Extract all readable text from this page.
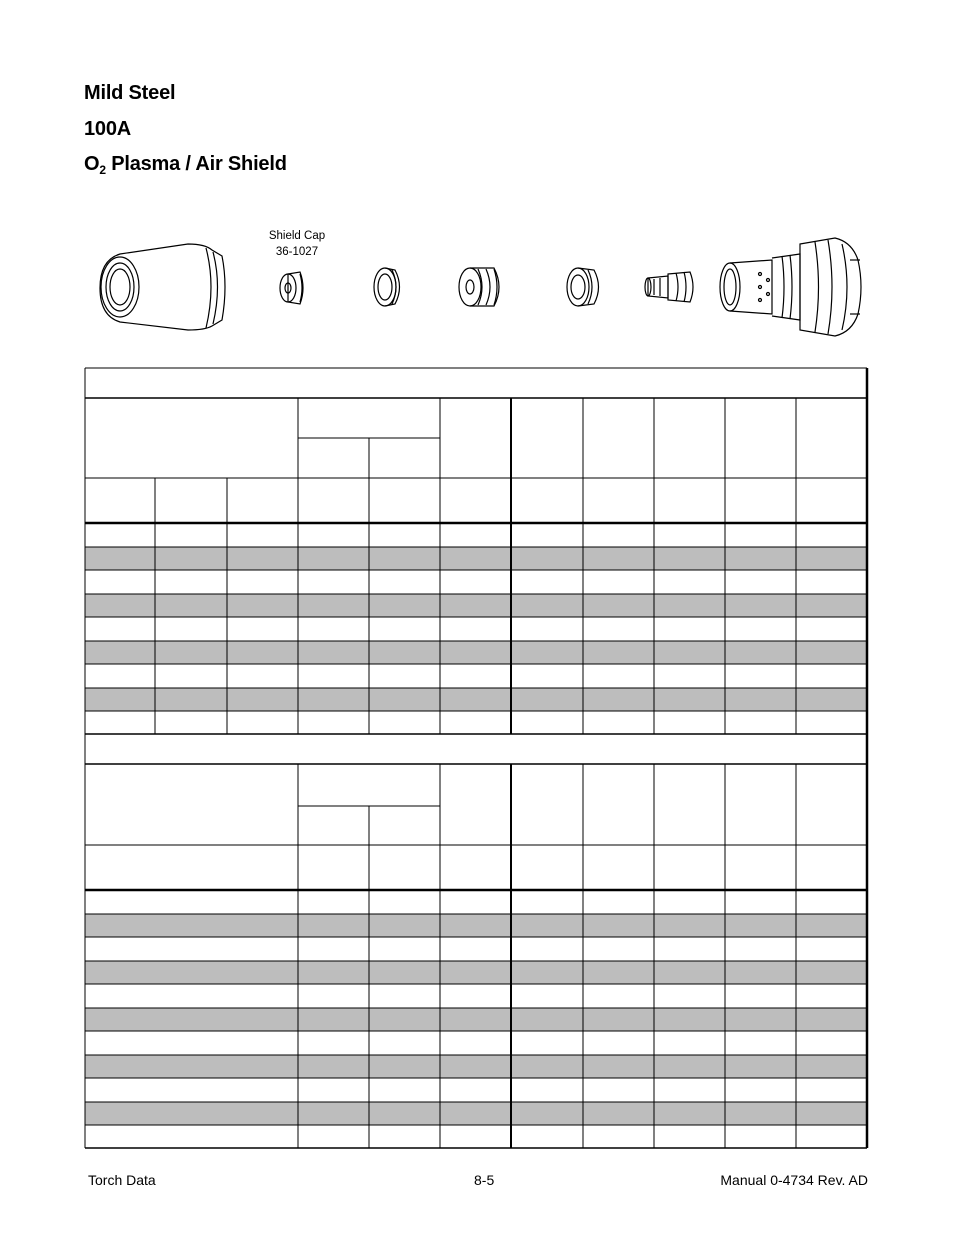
Mild Steel
100A
$O_2$ Plasma / Air Shield
Shield Cap
36-1027
Torch Data	8-5	Manual 0-4734 Rev. AD
